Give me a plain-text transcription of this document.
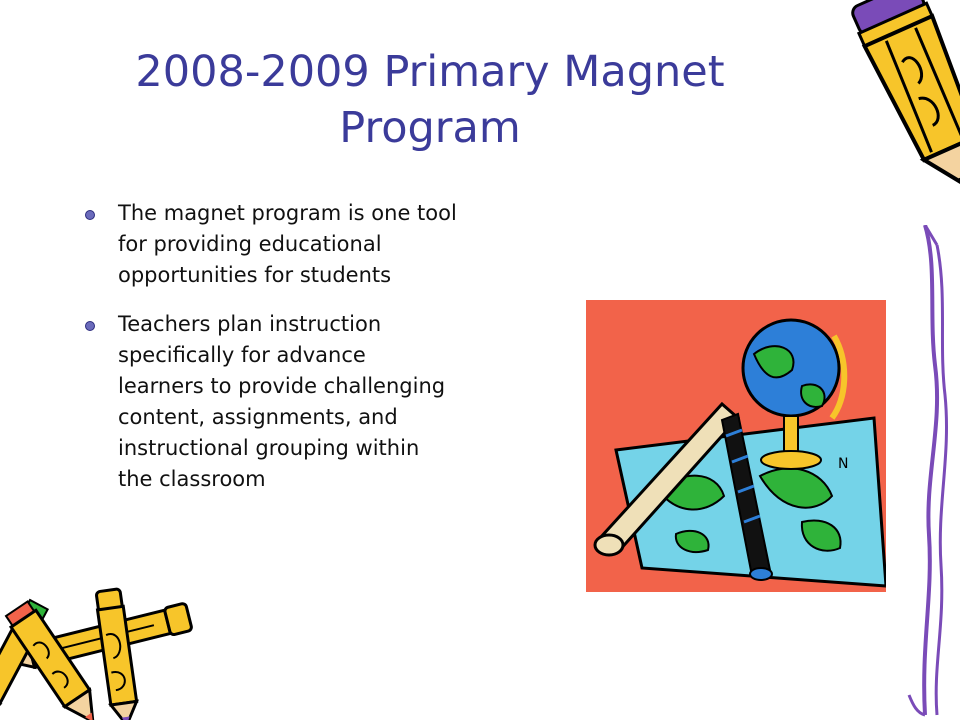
2008-2009 Primary Magnet
Program
The magnet program is one tool
for providing educational
opportunities for students
Teachers plan instruction
specifically for advance
learners to provide challenging
content, assignments, and
instructional grouping within
the classroom
N
